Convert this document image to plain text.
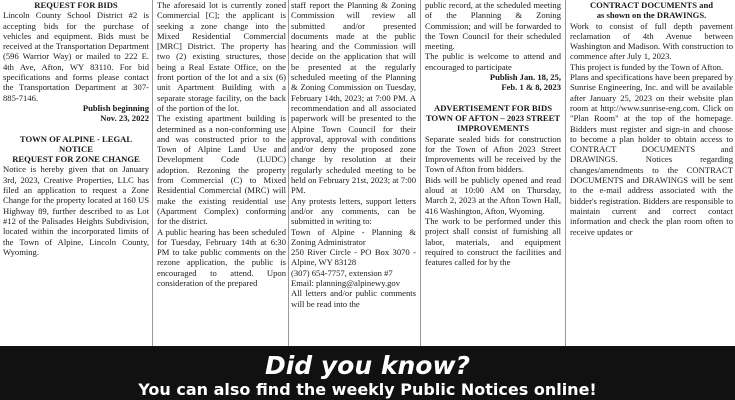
REQUEST FOR BIDS

Lincoln County School District #2 is accepting bids for the purchase of vehicles and equipment. Bids must be received at the Transportation Department (596 Warrior Way) or mailed to 222 E. 4th Ave, Afton, WY 83110. For bid specifications and forms please contact the Transportation Department at 307-885-7146.

Publish beginning

Nov. 23, 2022

TOWN OF ALPINE - LEGAL NOTICE

REQUEST FOR ZONE CHANGE

Notice is hereby given that on January 3rd, 2023, Creative Properties, LLC has filed an application to request a Zone Change for the property located at 160 US Highway 89, further described to as Lot #12 of the Palisades Heights Subdivision, located within the incorporated limits of the Town of Alpine, Lincoln County, Wyoming.

The aforesaid lot is currently zoned Commercial [C]; the applicant is seeking a zone change into the Mixed Residential Commercial [MRC] District. The property has two (2) existing structures, those being a Real Estate Office, on the front portion of the lot and a six (6) unit Apartment Building with a separate storage facility, on the back of the portion of the lot.

The existing apartment building is determined as a non-conforming use and was constructed prior to the Town of Alpine Land Use and Development Code (LUDC) adoption. Rezoning the property from Commercial (C) to Mixed Residential Commercial (MRC) will make the existing residential use (Apartment Complex) conforming for the district.

A public hearing has been scheduled for Tuesday, February 14th at 6:30 PM to take public comments on the rezone application, the public is encouraged to attend. Upon consideration of the prepared

staff report the Planning & Zoning Commission will review all submitted and/or presented documents made at the public hearing and the Commission will decide on the application that will be presented at the regularly scheduled meeting of the Planning & Zoning Commission on Tuesday, February 14th, 2023; at 7:00 PM. A recommendation and all associated paperwork will be presented to the Alpine Town Council for their approval, approval with conditions and/or deny the proposed zone change by resolution at their regularly scheduled meeting to be held on February 21st, 2023; at 7:00 PM.

Any protests letters, support letters and/or any comments, can be submitted in writing to:

Town of Alpine - Planning & Zoning Administrator

250 River Circle - PO Box 3070 - Alpine, WY 83128

(307) 654-7757, extension #7

Email: planning@alpinewy.gov

All letters and/or public comments will be read into the

public record, at the scheduled meeting of the Planning & Zoning Commission; and will be forwarded to the Town Council for their scheduled meeting.

The public is welcome to attend and encouraged to participate

Publish Jan. 18, 25,

Feb. 1 & 8, 2023

ADVERTISEMENT FOR BIDS

TOWN OF AFTON – 2023 STREET IMPROVEMENTS

Separate sealed bids for construction for the Town of Afton 2023 Street Improvements will be received by the Town of Afton from bidders.

Bids will be publicly opened and read aloud at 10:00 AM on Thursday, March 2, 2023 at the Afton Town Hall, 416 Washington, Afton, Wyoming.

The work to be performed under this project shall consist of furnishing all labor, materials, and equipment required to construct the facilities and features called for by the

CONTRACT DOCUMENTS and

as shown on the DRAWINGS.

Work to consist of full depth pavement reclamation of 4th Avenue between Washington and Madison. With construction to commence after July 1, 2023.

This project is funded by the Town of Afton.

Plans and specifications have been prepared by Sunrise Engineering, Inc. and will be available after January 25, 2023 on their website plan room at http://www.sunrise-eng.com. Click on "Plan Room" at the top of the homepage. Bidders must register and sign-in and choose to become a plan holder to obtain access to CONTRACT DOCUMENTS and DRAWINGS. Notices regarding changes/amendments to the CONTRACT DOCUMENTS and DRAWINGS will be sent to the e-mail address associated with the bidder's registration. Bidders are responsible to maintain current and correct contact information and check the plan room often to receive updates or

Did you know?
You can also find the weekly Public Notices online!
